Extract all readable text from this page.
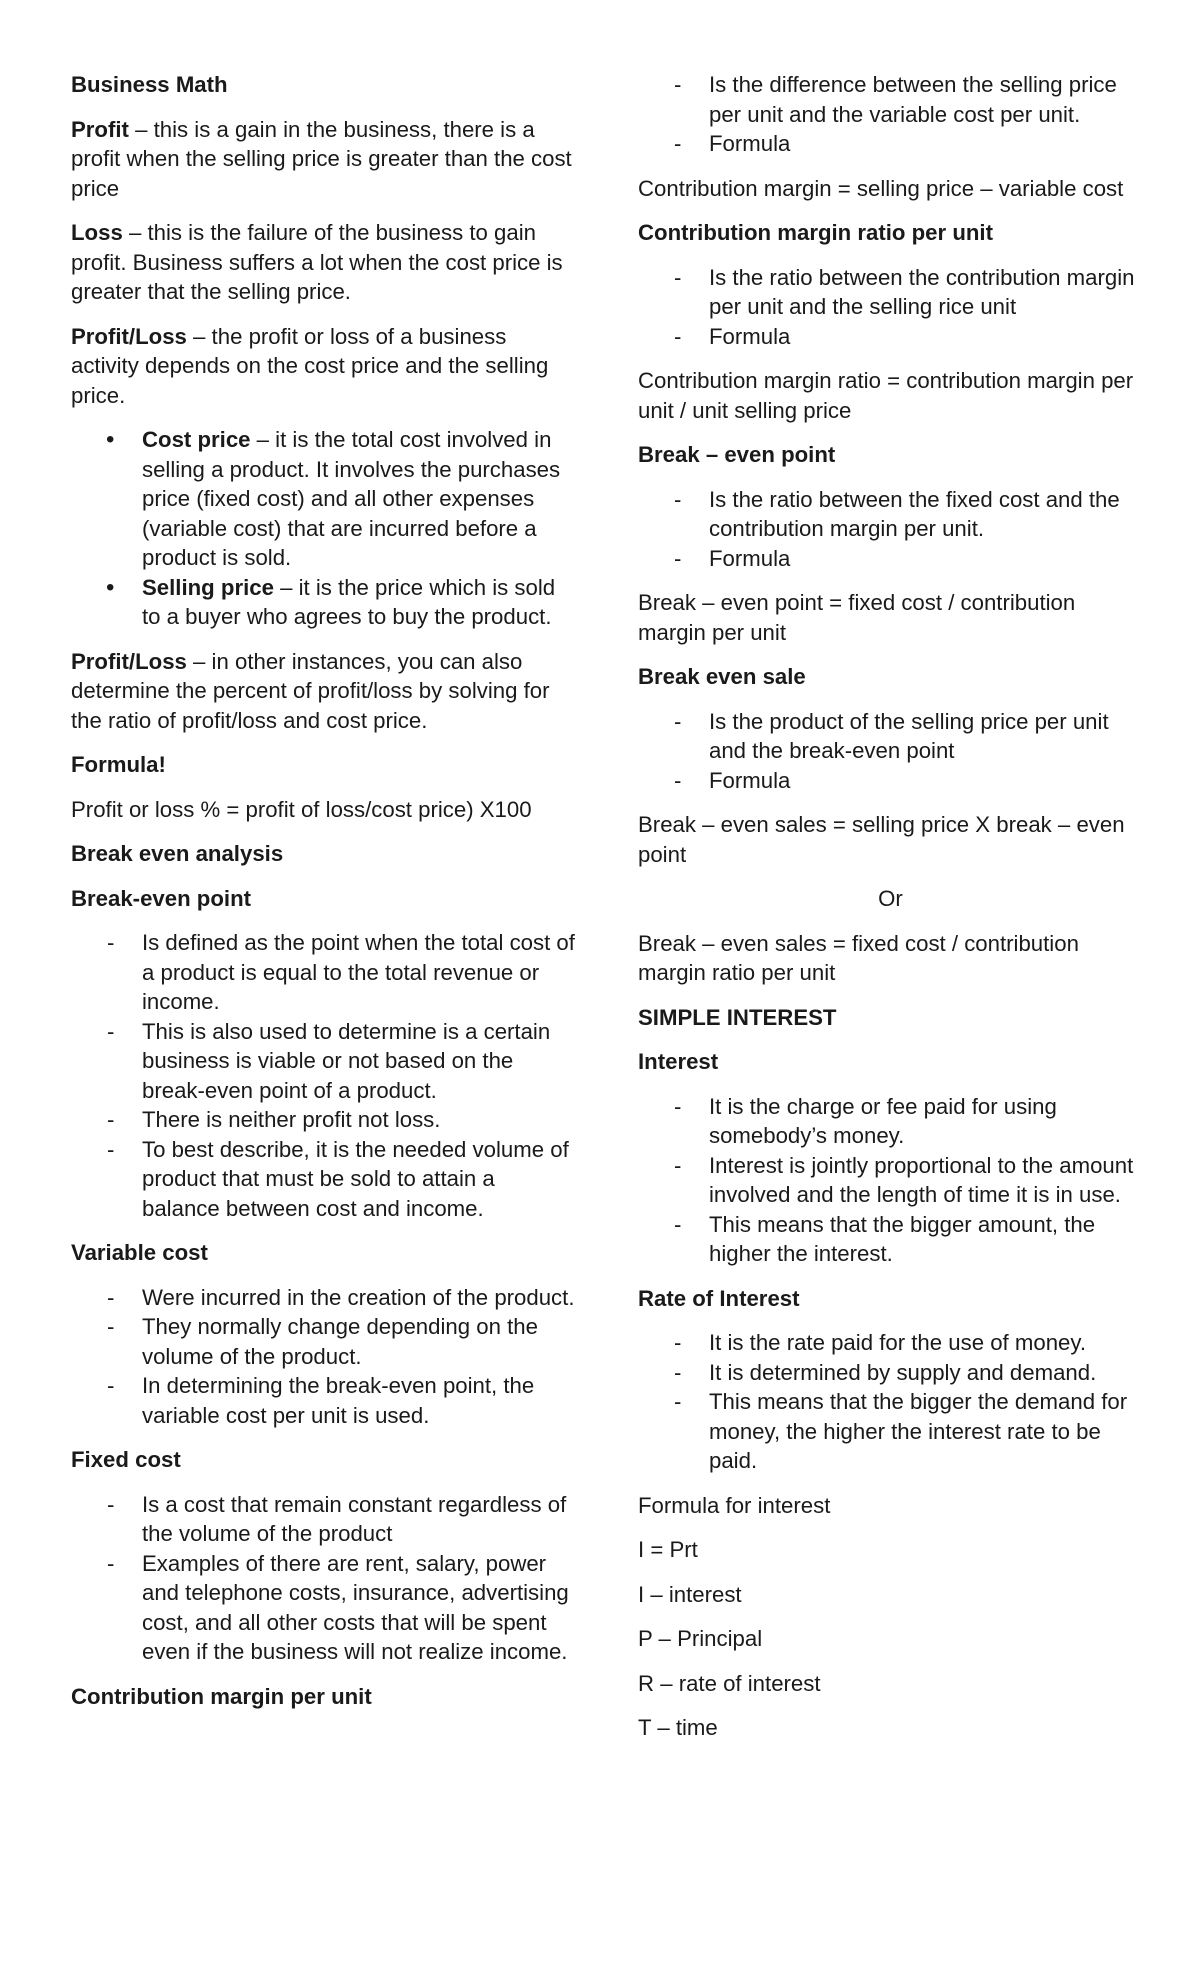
Business Math

Profit – this is a gain in the business, there is a profit when the selling price is greater than the cost price

Loss – this is the failure of the business to gain profit. Business suffers a lot when the cost price is greater that the selling price.

Profit/Loss – the profit or loss of a business activity depends on the cost price and the selling price.

• Cost price – it is the total cost involved in selling a product. It involves the purchases price (fixed cost) and all other expenses (variable cost) that are incurred before a product is sold.
• Selling price – it is the price which is sold to a buyer who agrees to buy the product.

Profit/Loss – in other instances, you can also determine the percent of profit/loss by solving for the ratio of profit/loss and cost price.

Formula!

Profit or loss % = profit of loss/cost price) X100

Break even analysis

Break-even point

- Is defined as the point when the total cost of a product is equal to the total revenue or income.
- This is also used to determine is a certain business is viable or not based on the break-even point of a product.
- There is neither profit not loss.
- To best describe, it is the needed volume of product that must be sold to attain a balance between cost and income.

Variable cost

- Were incurred in the creation of the product.
- They normally change depending on the volume of the product.
- In determining the break-even point, the variable cost per unit is used.

Fixed cost

- Is a cost that remain constant regardless of the volume of the product
- Examples of there are rent, salary, power and telephone costs, insurance, advertising cost, and all other costs that will be spent even if the business will not realize income.

Contribution margin per unit

- Is the difference between the selling price per unit and the variable cost per unit.
- Formula

Contribution margin = selling price – variable cost

Contribution margin ratio per unit

- Is the ratio between the contribution margin per unit and the selling rice unit
- Formula

Contribution margin ratio = contribution margin per unit / unit selling price

Break – even point

- Is the ratio between the fixed cost and the contribution margin per unit.
- Formula

Break – even point = fixed cost / contribution margin per unit

Break even sale

- Is the product of the selling price per unit and the break-even point
- Formula

Break – even sales = selling price X break – even point

Or

Break – even sales = fixed cost / contribution margin ratio per unit

SIMPLE INTEREST

Interest

- It is the charge or fee paid for using somebody’s money.
- Interest is jointly proportional to the amount involved and the length of time it is in use.
- This means that the bigger amount, the higher the interest.

Rate of Interest

- It is the rate paid for the use of money.
- It is determined by supply and demand.
- This means that the bigger the demand for money, the higher the interest rate to be paid.

Formula for interest

I = Prt

I – interest

P – Principal

R – rate of interest

T – time
